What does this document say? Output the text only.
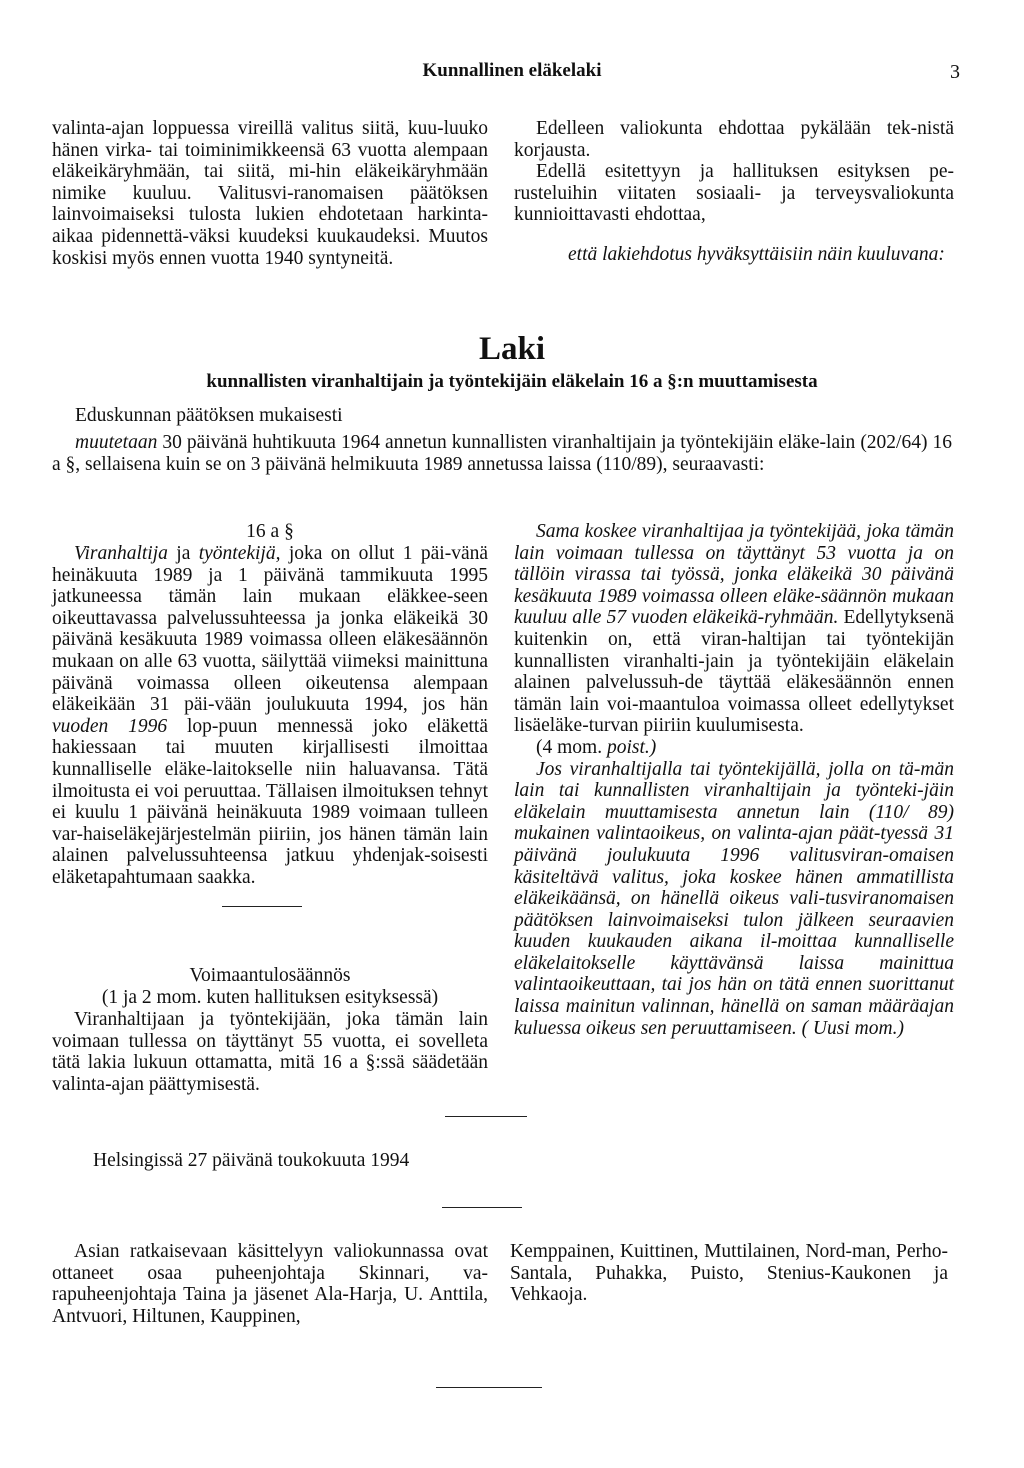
Kunnallinen eläkelaki	3

valinta-ajan loppuessa vireillä valitus siitä, kuu-luuko hänen virka- tai toiminimikkeensä 63 vuotta alempaan eläkeikäryhmään, tai siitä, mi-hin eläkeikäryhmään nimike kuuluu. Valitusvi-ranomaisen päätöksen lainvoimaiseksi tulosta lukien ehdotetaan harkinta-aikaa pidennettä-väksi kuudeksi kuukaudeksi. Muutos koskisi myös ennen vuotta 1940 syntyneitä.

Edelleen valiokunta ehdottaa pykälään tek-nistä korjausta.

Edellä esitettyyn ja hallituksen esityksen pe-rusteluihin viitaten sosiaali- ja terveysvaliokunta kunnioittavasti ehdottaa,

että lakiehdotus hyväksyttäisiin näin kuuluvana:

Laki
kunnallisten viranhaltijain ja työntekijäin eläkelain 16 a §:n muuttamisesta
Eduskunnan päätöksen mukaisesti
muutetaan 30 päivänä huhtikuuta 1964 annetun kunnallisten viranhaltijain ja työntekijäin eläke-lain (202/64) 16 a §, sellaisena kuin se on 3 päivänä helmikuuta 1989 annetussa laissa (110/89), seuraavasti:
16 a §

Viranhaltija ja työntekijä, joka on ollut 1 päi-vänä heinäkuuta 1989 ja 1 päivänä tammikuuta 1995 jatkuneessa tämän lain mukaan eläkkee-seen oikeuttavassa palvelussuhteessa ja jonka eläkeikä 30 päivänä kesäkuuta 1989 voimassa olleen eläkesäännön mukaan on alle 63 vuotta, säilyttää viimeksi mainittuna päivänä voimassa olleen oikeutensa alempaan eläkeikään 31 päi-vään joulukuuta 1994, jos hän vuoden 1996 lop-puun mennessä joko eläkettä hakiessaan tai muuten kirjallisesti ilmoittaa kunnalliselle eläke-laitokselle niin haluavansa. Tätä ilmoitusta ei voi peruuttaa. Tällaisen ilmoituksen tehnyt ei kuulu 1 päivänä heinäkuuta 1989 voimaan tulleen var-haiseläkejärjestelmän piiriin, jos hänen tämän lain alainen palvelussuhteensa jatkuu yhdenjak-soisesti eläketapahtumaan saakka.

Voimaantulosäännös
(1 ja 2 mom. kuten hallituksen esityksessä)

Viranhaltijaan ja työntekijään, joka tämän lain voimaan tullessa on täyttänyt 55 vuotta, ei sovelleta tätä lakia lukuun ottamatta, mitä 16 a §:ssä säädetään valinta-ajan päättymisestä.

Sama koskee viranhaltijaa ja työntekijää, joka tämän lain voimaan tullessa on täyttänyt 53 vuotta ja on tällöin virassa tai työssä, jonka eläkeikä 30 päivänä kesäkuuta 1989 voimassa olleen eläke-säännön mukaan kuuluu alle 57 vuoden eläkeikä-ryhmään. Edellytyksenä kuitenkin on, että viran-haltijan tai työntekijän kunnallisten viranhalti-jain ja työntekijäin eläkelain alainen palvelussuh-de täyttää eläkesäännön ennen tämän lain voi-maantuloa voimassa olleet edellytykset lisäeläke-turvan piiriin kuulumisesta.

(4 mom. poist.)

Jos viranhaltijalla tai työntekijällä, jolla on tä-män lain tai kunnallisten viranhaltijain ja työnteki-jäin eläkelain muuttamisesta annetun lain (110/ 89) mukainen valintaoikeus, on valinta-ajan päät-tyessä 31 päivänä joulukuuta 1996 valitusviran-omaisen käsiteltävä valitus, joka koskee hänen ammatillista eläkeikäänsä, on hänellä oikeus vali-tusviranomaisen päätöksen lainvoimaiseksi tulon jälkeen seuraavien kuuden kuukauden aikana il-moittaa kunnalliselle eläkelaitokselle käyttävänsä laissa mainittua valintaoikeuttaan, tai jos hän on tätä ennen suorittanut laissa mainitun valinnan, hänellä on saman määräajan kuluessa oikeus sen peruuttamiseen. ( Uusi mom.)

Helsingissä 27 päivänä toukokuuta 1994

Asian ratkaisevaan käsittelyyn valiokunnassa ovat ottaneet osaa puheenjohtaja Skinnari, va-rapuheenjohtaja Taina ja jäsenet Ala-Harja, U. Anttila, Antvuori, Hiltunen, Kauppinen,

Kemppainen, Kuittinen, Muttilainen, Nord-man, Perho-Santala, Puhakka, Puisto, Stenius-Kaukonen ja Vehkaoja.
